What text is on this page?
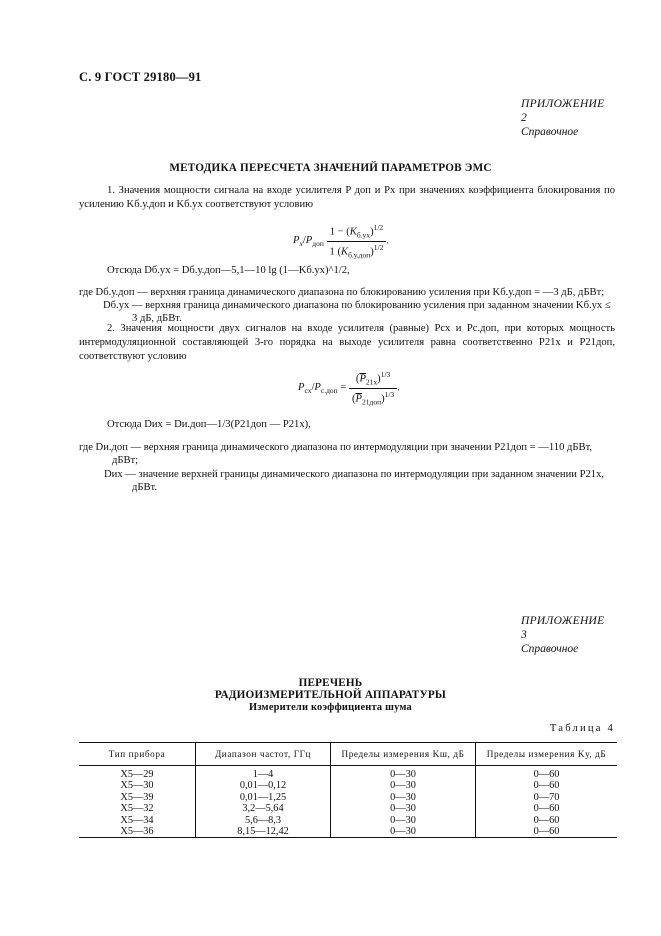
С. 9 ГОСТ 29180—91
ПРИЛОЖЕНИЕ 2
Справочное
МЕТОДИКА ПЕРЕСЧЕТА ЗНАЧЕНИЙ ПАРАМЕТРОВ ЭМС
1. Значения мощности сигнала на входе усилителя P доп и Px при значениях коэффициента блокирования по усилению Kб.у.доп и Kб.ух соответствуют условию
$P_x/P_{доп} \frac{1 - (K_{б.ух})^{1/2}}{1 (K_{б.у.доп})^{1/2}}$ .
Отсюда Dб.ух = Dб.у.доп—5,1—10 lg (1—Kб.ух)^1/2,
где Dб.у.доп — верхняя граница динамического диапазона по блокированию усиления при Kб.у.доп = —3 дБ, дБВт;
Dб.ух — верхняя граница динамического диапазона по блокированию усиления при заданном значении Kб.ух ≤ 3 дБ, дБВт.
2. Значения мощности двух сигналов на входе усилителя (равные) Pсх и Pс.доп, при которых мощность интермодуляционной составляющей 3-го порядка на выходе усилителя равна соответственно P21х и P21доп, соответствуют условию
$P_{сх}/P_{с.доп} = \frac{(\overline{P}_{21х})^{1/3}}{(\overline{P}_{21доп})^{1/3}}$ .
Отсюда Dих = Dи.доп—1/3(P21доп — P21х),
где Dи.доп — верхняя граница динамического диапазона по интермодуляции при значении P21доп = —110 дБВт, дБВт;
Dих — значение верхней границы динамического диапазона по интермодуляции при заданном значении P21х, дБВт.
ПРИЛОЖЕНИЕ 3
Справочное
ПЕРЕЧЕНЬ
РАДИОИЗМЕРИТЕЛЬНОЙ АППАРАТУРЫ
Измерители коэффициента шума
Таблица 4
Тип прибора	Диапазон частот, ГГц	Пределы измерения Kш, дБ	Пределы измерения Kу, дБ
Х5—29	1—4	0—30	0—60
Х5—30	0,01—0,12	0—30	0—60
Х5—39	0,01—1,25	0—30	0—70
Х5—32	3,2—5,64	0—30	0—60
Х5—34	5,6—8,3	0—30	0—60
Х5—36	8,15—12,42	0—30	0—60
